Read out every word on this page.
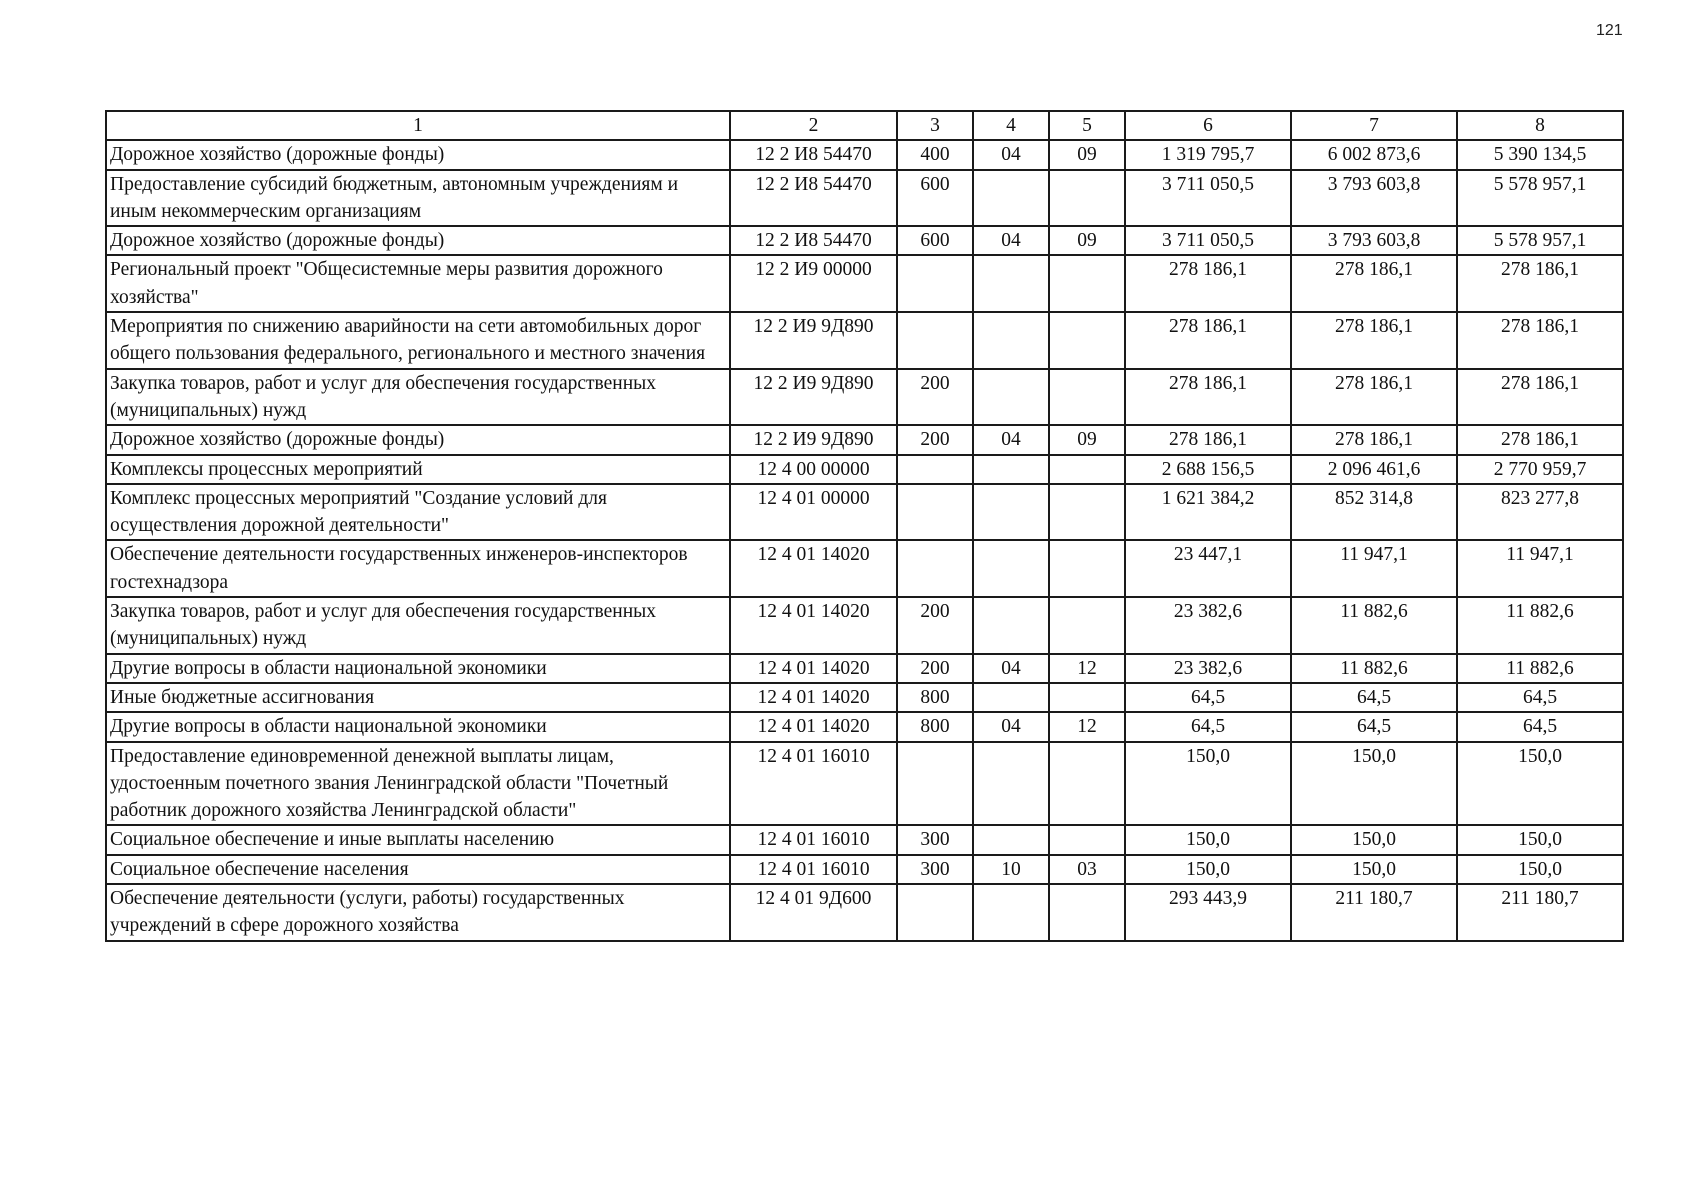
121
1	2	3	4	5	6	7	8
Дорожное хозяйство (дорожные фонды)	12 2 И8 54470	400	04	09	1 319 795,7	6 002 873,6	5 390 134,5
Предоставление субсидий бюджетным, автономным учреждениям и иным некоммерческим организациям	12 2 И8 54470	600			3 711 050,5	3 793 603,8	5 578 957,1
Дорожное хозяйство (дорожные фонды)	12 2 И8 54470	600	04	09	3 711 050,5	3 793 603,8	5 578 957,1
Региональный проект "Общесистемные меры развития дорожного хозяйства"	12 2 И9 00000				278 186,1	278 186,1	278 186,1
Мероприятия по снижению аварийности на сети автомобильных дорог общего пользования федерального, регионального и местного значения	12 2 И9 9Д890				278 186,1	278 186,1	278 186,1
Закупка товаров, работ и услуг для обеспечения государственных (муниципальных) нужд	12 2 И9 9Д890	200			278 186,1	278 186,1	278 186,1
Дорожное хозяйство (дорожные фонды)	12 2 И9 9Д890	200	04	09	278 186,1	278 186,1	278 186,1
Комплексы процессных мероприятий	12 4 00 00000				2 688 156,5	2 096 461,6	2 770 959,7
Комплекс процессных мероприятий "Создание условий для осуществления дорожной деятельности"	12 4 01 00000				1 621 384,2	852 314,8	823 277,8
Обеспечение деятельности государственных инженеров-инспекторов гостехнадзора	12 4 01 14020				23 447,1	11 947,1	11 947,1
Закупка товаров, работ и услуг для обеспечения государственных (муниципальных) нужд	12 4 01 14020	200			23 382,6	11 882,6	11 882,6
Другие вопросы в области национальной экономики	12 4 01 14020	200	04	12	23 382,6	11 882,6	11 882,6
Иные бюджетные ассигнования	12 4 01 14020	800			64,5	64,5	64,5
Другие вопросы в области национальной экономики	12 4 01 14020	800	04	12	64,5	64,5	64,5
Предоставление единовременной денежной выплаты лицам, удостоенным почетного звания Ленинградской области "Почетный работник дорожного хозяйства Ленинградской области"	12 4 01 16010				150,0	150,0	150,0
Социальное обеспечение и иные выплаты населению	12 4 01 16010	300			150,0	150,0	150,0
Социальное обеспечение населения	12 4 01 16010	300	10	03	150,0	150,0	150,0
Обеспечение деятельности (услуги, работы) государственных учреждений в сфере дорожного хозяйства	12 4 01 9Д600				293 443,9	211 180,7	211 180,7
